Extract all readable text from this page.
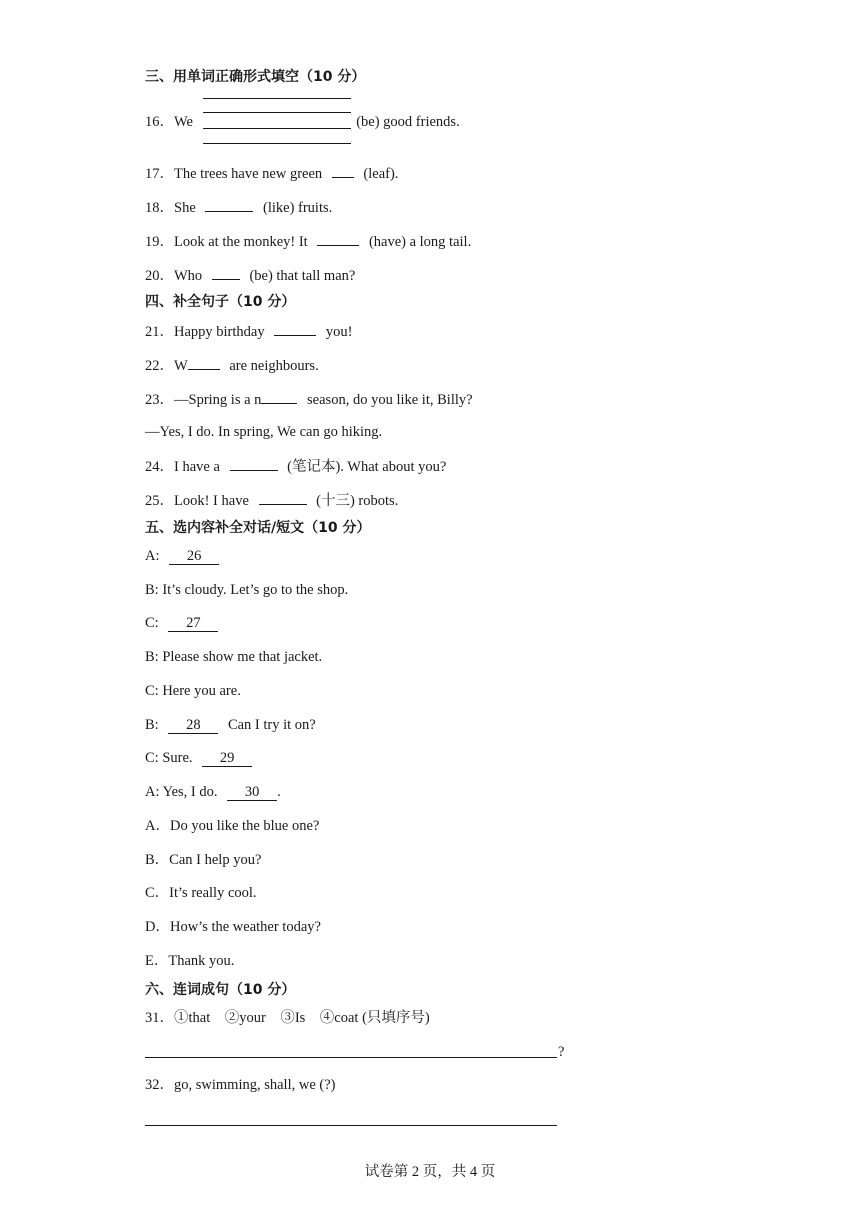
三、用单词正确形式填空（10 分）
16．We	(be) good friends.
17．The trees have new green	(leaf).
18．She	(like) fruits.
19．Look at the monkey! It	(have) a long tail.
20．Who	(be) that tall man?
四、补全句子（10 分）
21．Happy birthday	you!
22．W	are neighbours.
23．—Spring is a n	season, do you like it, Billy?
—Yes, I do. In spring, We can go hiking.
24．I have a	(笔记本). What about you?
25．Look! I have	(十三) robots.
五、选内容补全对话/短文（10 分）
A: 26
B: It’s cloudy. Let’s go to the shop.
C: 27
B: Please show me that jacket.
C: Here you are.
B: 28 Can I try it on?
C: Sure. 29
A: Yes, I do. 30 .
A．Do you like the blue one?
B．Can I help you?
C．It’s really cool.
D．How’s the weather today?
E．Thank you.
六、连词成句（10 分）
31．①that　②your　③Is　④coat (只填序号)
?
32．go, swimming, shall, we (?)
试卷第 2 页，共 4 页
